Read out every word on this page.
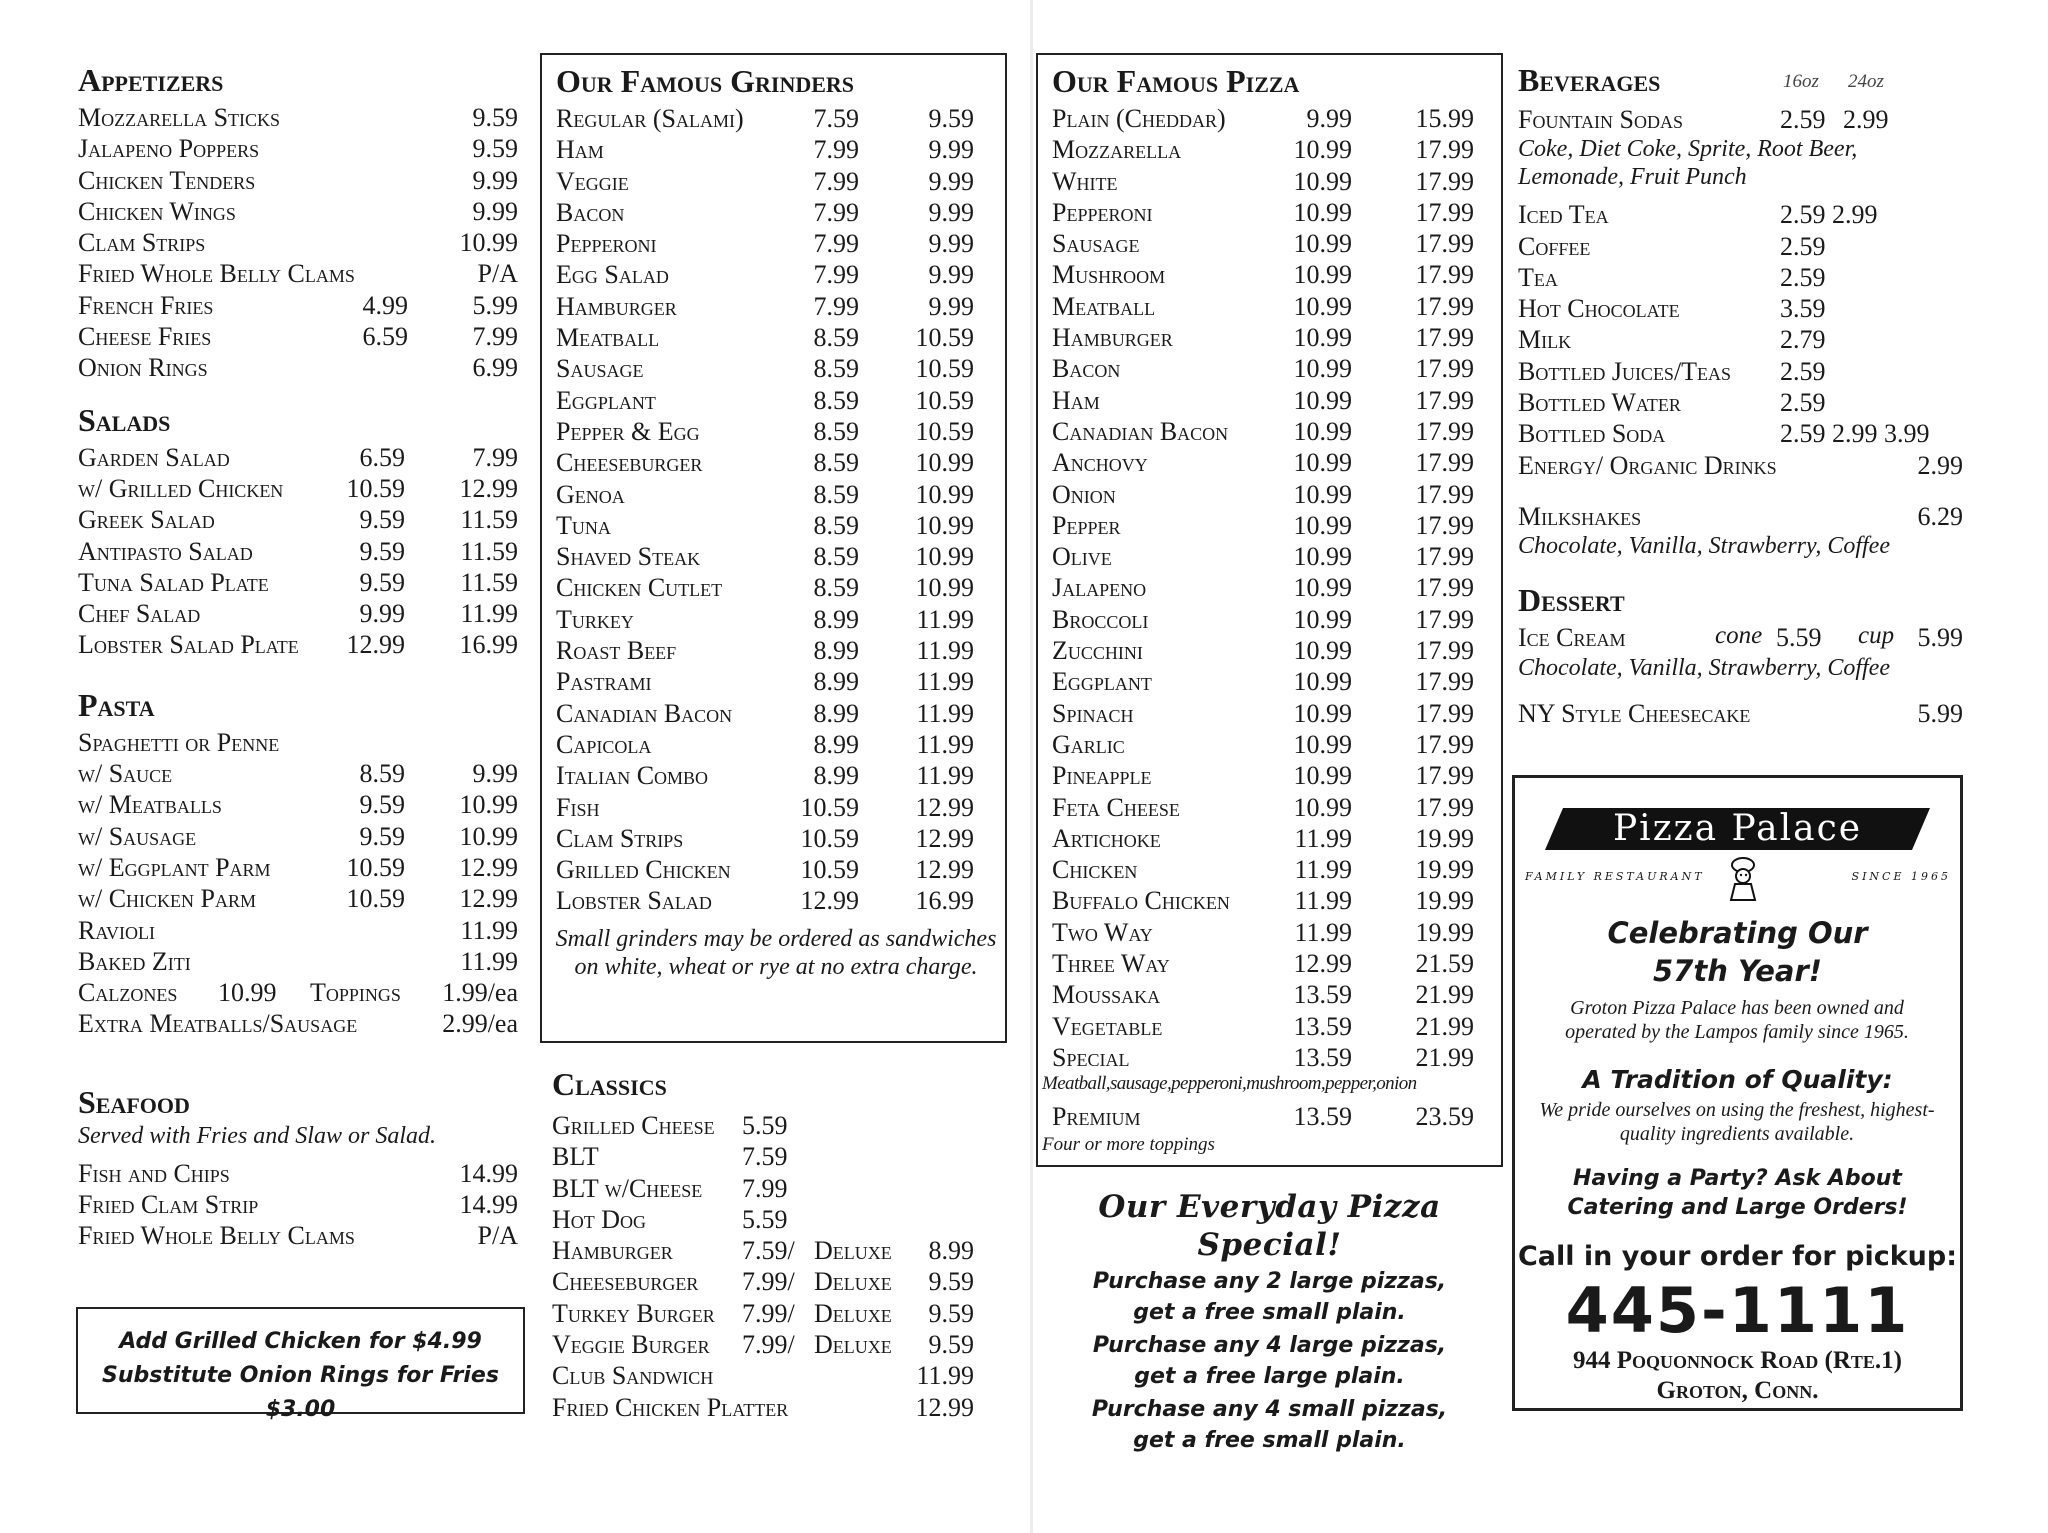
Appetizers
Mozzarella Sticks	9.59
Jalapeno Poppers	9.59
Chicken Tenders	9.99
Chicken Wings	9.99
Clam Strips	10.99
Fried Whole Belly Clams	P/A
French Fries	4.99 5.99
Cheese Fries	6.59 7.99
Onion Rings	6.99
Salads
Garden Salad	6.59	7.99
w/ Grilled Chicken 10.59 12.99
Greek Salad	9.59 11.59
Antipasto Salad	9.59 11.59
Tuna Salad Plate	9.59 11.59
Chef Salad	9.99 11.99
Lobster Salad Plate 12.99 16.99
Pasta
Spaghetti or Penne
w/ Sauce	8.59	9.99
w/ Meatballs	9.59 10.99
w/ Sausage	9.59 10.99
w/ Eggplant Parm	10.59 12.99
w/ Chicken Parm	10.59 12.99
Ravioli	11.99
Baked Ziti	11.99
Calzones 10.99 Toppings 1.99/ea
Extra Meatballs/Sausage	2.99/ea
Seafood
Served with Fries and Slaw or Salad.
Fish and Chips	14.99
Fried Clam Strip	14.99
Fried Whole Belly Clams	P/A
Add Grilled Chicken for $4.99
Substitute Onion Rings for Fries $3.00
Our Famous Grinders
Regular (Salami)	7.59	9.59
Ham	7.99	9.99
Veggie	7.99	9.99
Bacon	7.99	9.99
Pepperoni	7.99	9.99
Egg Salad	7.99	9.99
Hamburger	7.99	9.99
Meatball	8.59 10.59
Sausage	8.59 10.59
Eggplant	8.59 10.59
Pepper & Egg	8.59 10.59
Cheeseburger	8.59 10.99
Genoa	8.59 10.99
Tuna	8.59 10.99
Shaved Steak	8.59 10.99
Chicken Cutlet	8.59 10.99
Turkey	8.99 11.99
Roast Beef	8.99 11.99
Pastrami	8.99 11.99
Canadian Bacon	8.99 11.99
Capicola	8.99 11.99
Italian Combo	8.99 11.99
Fish	10.59 12.99
Clam Strips	10.59 12.99
Grilled Chicken	10.59 12.99
Lobster Salad	12.99 16.99
Small grinders may be ordered as sandwiches on white, wheat or rye at no extra charge.
Classics
Grilled Cheese 5.59
BLT	7.59
BLT w/Cheese 7.99
Hot Dog	5.59
Hamburger	7.59/ Deluxe 8.99
Cheeseburger 7.99/ Deluxe 9.59
Turkey Burger 7.99/ Deluxe 9.59
Veggie Burger 7.99/ Deluxe 9.59
Club Sandwich	11.99
Fried Chicken Platter	12.99
Our Famous Pizza
Plain (Cheddar)	9.99 15.99
Mozzarella	10.99 17.99
White	10.99 17.99
Pepperoni	10.99 17.99
Sausage	10.99 17.99
Mushroom	10.99 17.99
Meatball	10.99 17.99
Hamburger	10.99 17.99
Bacon	10.99 17.99
Ham	10.99 17.99
Canadian Bacon	10.99 17.99
Anchovy	10.99 17.99
Onion	10.99 17.99
Pepper	10.99 17.99
Olive	10.99 17.99
Jalapeno	10.99 17.99
Broccoli	10.99 17.99
Zucchini	10.99 17.99
Eggplant	10.99 17.99
Spinach	10.99 17.99
Garlic	10.99 17.99
Pineapple	10.99 17.99
Feta Cheese	10.99 17.99
Artichoke	11.99 19.99
Chicken	11.99 19.99
Buffalo Chicken 11.99 19.99
Two Way	11.99 19.99
Three Way	12.99 21.59
Moussaka	13.59 21.99
Vegetable	13.59 21.99
Special	13.59 21.99
Meatball,sausage,pepperoni,mushroom,pepper,onion
Premium	13.59 23.59
Four or more toppings
Our Everyday Pizza Special!
Purchase any 2 large pizzas,
get a free small plain.
Purchase any 4 large pizzas,
get a free large plain.
Purchase any 4 small pizzas,
get a free small plain.
Beverages	16oz 24oz
Fountain Sodas	2.59 2.99
Coke, Diet Coke, Sprite, Root Beer,
Lemonade, Fruit Punch
Iced Tea	2.59 2.99
Coffee	2.59
Tea	2.59
Hot Chocolate	3.59
Milk	2.79
Bottled Juices/Teas 2.59
Bottled Water	2.59
Bottled Soda	2.59 2.99 3.99
Energy/ Organic Drinks	2.99
Milkshakes	6.29
Chocolate, Vanilla, Strawberry, Coffee
Dessert
Ice Cream	cone 5.59 cup 5.99
Chocolate, Vanilla, Strawberry, Coffee
NY Style Cheesecake	5.99
Pizza Palace
FAMILY RESTAURANT	SINCE 1965
Celebrating Our
57th Year!
Groton Pizza Palace has been owned and operated by the Lampos family since 1965.
A Tradition of Quality:
We pride ourselves on using the freshest, highest-quality ingredients available.
Having a Party? Ask About
Catering and Large Orders!
Call in your order for pickup:
445-1111
944 Poquonnock Road (Rte.1)
Groton, Conn.
